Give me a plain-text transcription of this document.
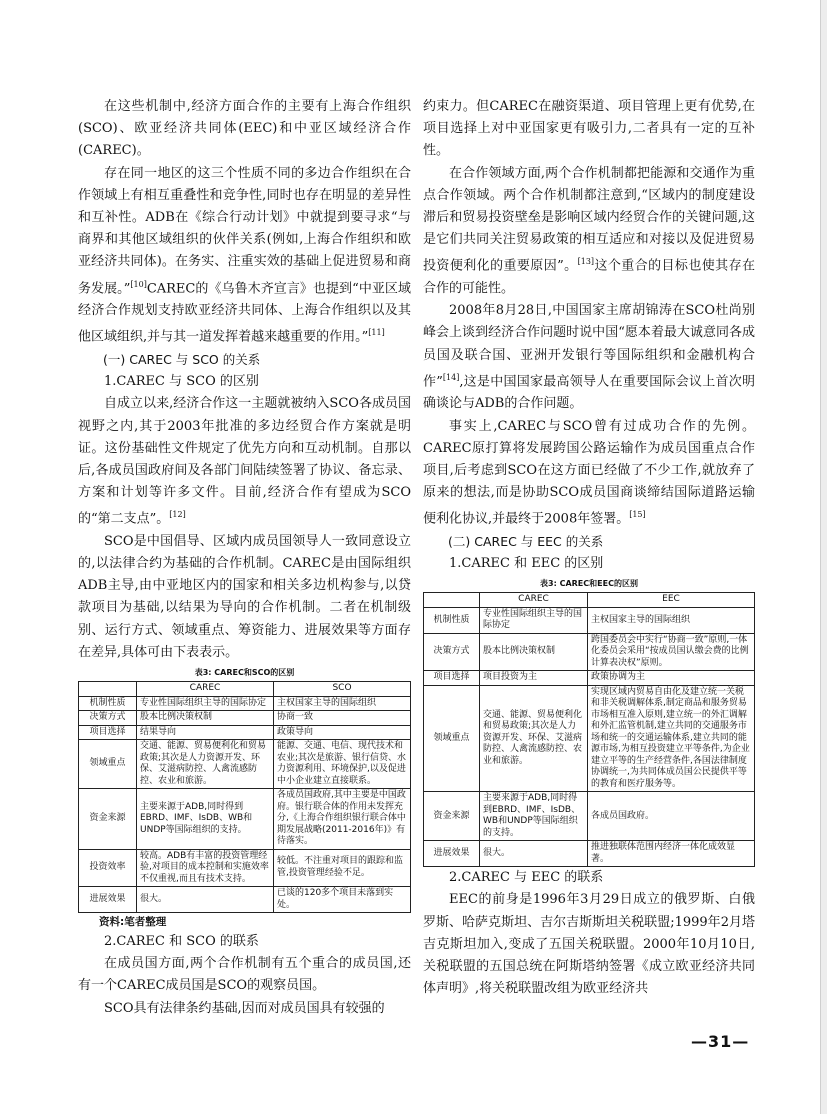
在这些机制中,经济方面合作的主要有上海合作组织(SCO)、欧亚经济共同体(EEC)和中亚区域经济合作(CAREC)。

存在同一地区的这三个性质不同的多边合作组织在合作领域上有相互重叠性和竞争性,同时也存在明显的差异性和互补性。ADB在《综合行动计划》中就提到要寻求“与商界和其他区域组织的伙伴关系(例如,上海合作组织和欧亚经济共同体)。在务实、注重实效的基础上促进贸易和商务发展。”[10]CAREC的《乌鲁木齐宣言》也提到“中亚区域经济合作规划支持欧亚经济共同体、上海合作组织以及其他区域组织,并与其一道发挥着越来越重要的作用。”[11]

(一) CAREC 与 SCO 的关系

1.CAREC 与 SCO 的区别

自成立以来,经济合作这一主题就被纳入SCO各成员国视野之内,其于2003年批准的多边经贸合作方案就是明证。这份基础性文件规定了优先方向和互动机制。自那以后,各成员国政府间及各部门间陆续签署了协议、备忘录、方案和计划等许多文件。目前,经济合作有望成为SCO的“第二支点”。[12]

SCO是中国倡导、区域内成员国领导人一致同意设立的,以法律合约为基础的合作机制。CAREC是由国际组织ADB主导,由中亚地区内的国家和相关多边机构参与,以贷款项目为基础,以结果为导向的合作机制。二者在机制级别、运行方式、领域重点、筹资能力、进展效果等方面存在差异,具体可由下表表示。

表3: CAREC和SCO的区别
	CAREC	SCO
机制性质	专业性国际组织主导的国际协定	主权国家主导的国际组织
决策方式	股本比例决策权制	协商一致
项目选择	结果导向	政策导向
领域重点	交通、能源、贸易便利化和贸易政策;其次是人力资源开发、环保、艾滋病防控、人禽流感防控、农业和旅游。	能源、交通、电信、现代技术和农业;其次是旅游、银行信贷、水力资源利用、环境保护,以及促进中小企业建立直接联系。
资金来源	主要来源于ADB,同时得到EBRD、IMF、IsDB、WB和UNDP等国际组织的支持。	各成员国政府,其中主要是中国政府。银行联合体的作用未发挥充分,《上海合作组织银行联合体中期发展战略(2011-2016年)》有待落实。
投资效率	较高。ADB有丰富的投资管理经验,对项目的成本控制和实施效率不仅重视,而且有技术支持。	较低。不注重对项目的跟踪和监管,投资管理经验不足。
进展效果	很大。	已谈的120多个项目未落到实处。

资料:笔者整理

2.CAREC 和 SCO 的联系

在成员国方面,两个合作机制有五个重合的成员国,还有一个CAREC成员国是SCO的观察员国。

SCO具有法律条约基础,因而对成员国具有较强的

约束力。但CAREC在融资渠道、项目管理上更有优势,在项目选择上对中亚国家更有吸引力,二者具有一定的互补性。

在合作领域方面,两个合作机制都把能源和交通作为重点合作领域。两个合作机制都注意到,“区域内的制度建设滞后和贸易投资壁垒是影响区域内经贸合作的关键问题,这是它们共同关注贸易政策的相互适应和对接以及促进贸易投资便利化的重要原因”。[13]这个重合的目标也使其存在合作的可能性。

2008年8月28日,中国国家主席胡锦涛在SCO杜尚别峰会上谈到经济合作问题时说中国“愿本着最大诚意同各成员国及联合国、亚洲开发银行等国际组织和金融机构合作”[14],这是中国国家最高领导人在重要国际会议上首次明确谈论与ADB的合作问题。

事实上,CAREC与SCO曾有过成功合作的先例。CAREC原打算将发展跨国公路运输作为成员国重点合作项目,后考虑到SCO在这方面已经做了不少工作,就放弃了原来的想法,而是协助SCO成员国商谈缔结国际道路运输便利化协议,并最终于2008年签署。[15]

(二) CAREC 与 EEC 的关系

1.CAREC 和 EEC 的区别

表3: CAREC和EEC的区别
	CAREC	EEC
机制性质	专业性国际组织主导的国际协定	主权国家主导的国际组织
决策方式	股本比例决策权制	跨国委员会中实行“协商一致”原则,一体化委员会采用“按成员国认缴会费的比例计算表决权”原则。
项目选择	项目投资为主	政策协调为主
领域重点	交通、能源、贸易便利化和贸易政策;其次是人力资源开发、环保、艾滋病防控、人禽流感防控、农业和旅游。	实现区域内贸易自由化及建立统一关税和非关税调解体系,制定商品和服务贸易市场相互准入原则,建立统一的外汇调解和外汇监管机制,建立共同的交通服务市场和统一的交通运输体系,建立共同的能源市场,为相互投资建立平等条件,为企业建立平等的生产经营条件,各国法律制度协调统一,为共同体成员国公民提供平等的教育和医疗服务等。
资金来源	主要来源于ADB,同时得到EBRD、IMF、IsDB、WB和UNDP等国际组织的支持。	各成员国政府。
进展效果	很大。	推进独联体范围内经济一体化成效显著。

2.CAREC 与 EEC 的联系

EEC的前身是1996年3月29日成立的俄罗斯、白俄罗斯、哈萨克斯坦、吉尔吉斯斯坦关税联盟;1999年2月塔吉克斯坦加入,变成了五国关税联盟。2000年10月10日,关税联盟的五国总统在阿斯塔纳签署《成立欧亚经济共同体声明》,将关税联盟改组为欧亚经济共

—31—
